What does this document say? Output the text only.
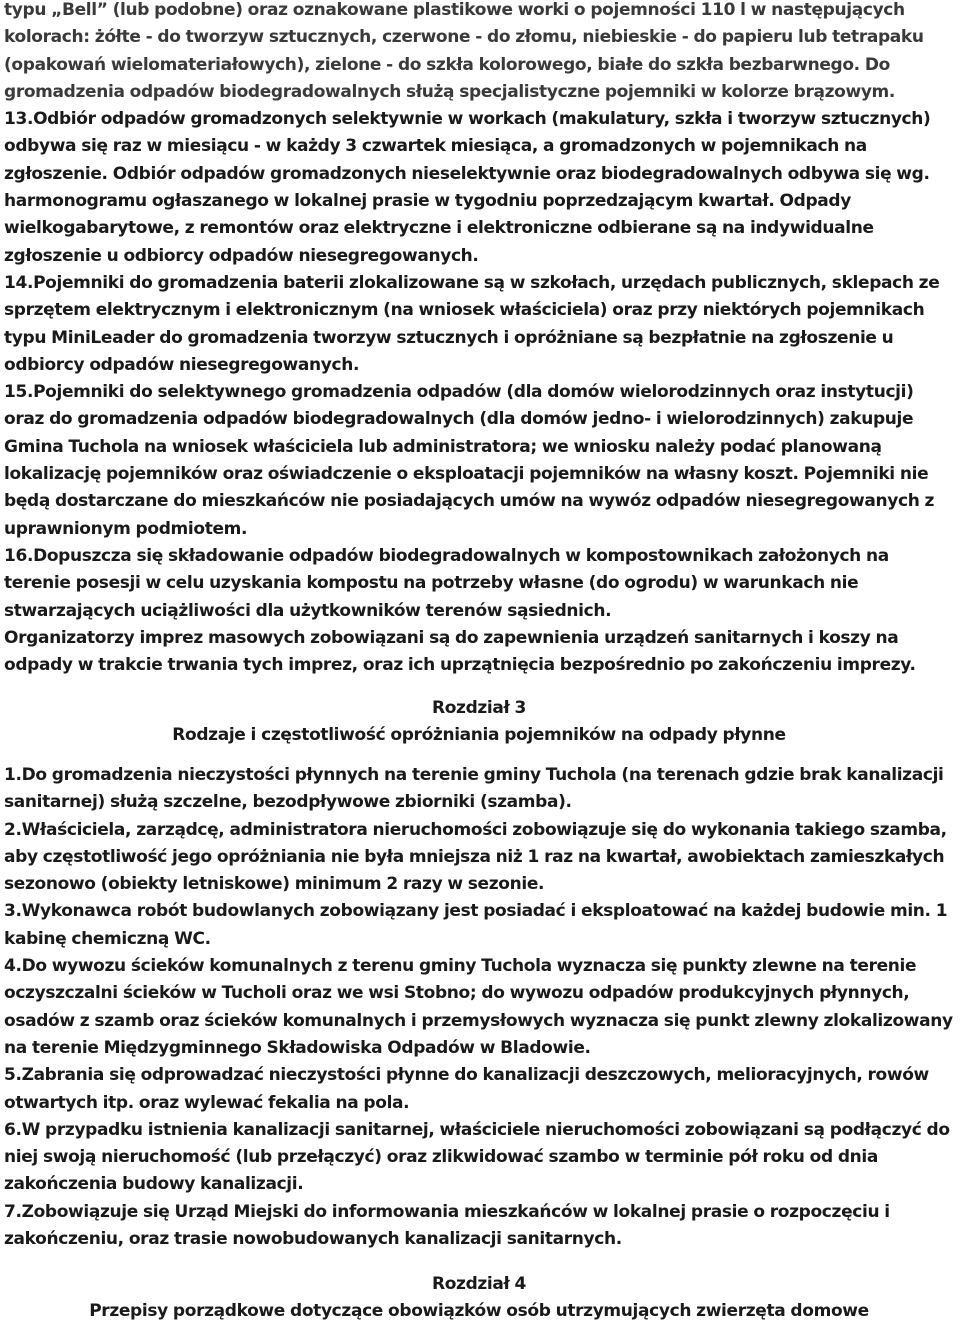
typu „Bell” (lub podobne) oraz oznakowane plastikowe worki o pojemności 110 l w następujących kolorach: żółte - do tworzyw sztucznych, czerwone - do złomu, niebieskie - do papieru lub tetrapaku (opakowań wielomateriałowych), zielone - do szkła kolorowego, białe do szkła bezbarwnego. Do gromadzenia odpadów biodegradowalnych służą specjalistyczne pojemniki w kolorze brązowym.

13.Odbiór odpadów gromadzonych selektywnie w workach (makulatury, szkła i tworzyw sztucznych) odbywa się raz w miesiącu - w każdy 3 czwartek miesiąca, a gromadzonych w pojemnikach na zgłoszenie. Odbiór odpadów gromadzonych nieselektywnie oraz biodegradowalnych odbywa się wg. harmonogramu ogłaszanego w lokalnej prasie w tygodniu poprzedzającym kwartał. Odpady wielkogabarytowe, z remontów oraz elektryczne i elektroniczne odbierane są na indywidualne zgłoszenie u odbiorcy odpadów niesegregowanych.

14.Pojemniki do gromadzenia baterii zlokalizowane są w szkołach, urzędach publicznych, sklepach ze sprzętem elektrycznym i elektronicznym (na wniosek właściciela) oraz przy niektórych pojemnikach typu MiniLeader do gromadzenia tworzyw sztucznych i opróżniane są bezpłatnie na zgłoszenie u odbiorcy odpadów niesegregowanych.

15.Pojemniki do selektywnego gromadzenia odpadów (dla domów wielorodzinnych oraz instytucji) oraz do gromadzenia odpadów biodegradowalnych (dla domów jedno- i wielorodzinnych) zakupuje Gmina Tuchola na wniosek właściciela lub administratora; we wniosku należy podać planowaną lokalizację pojemników oraz oświadczenie o eksploatacji pojemników na własny koszt. Pojemniki nie będą dostarczane do mieszkańców nie posiadających umów na wywóz odpadów niesegregowanych z uprawnionym podmiotem.

16.Dopuszcza się składowanie odpadów biodegradowalnych w kompostownikach założonych na terenie posesji w celu uzyskania kompostu na potrzeby własne (do ogrodu) w warunkach nie stwarzających uciążliwości dla użytkowników terenów sąsiednich.

Organizatorzy imprez masowych zobowiązani są do zapewnienia urządzeń sanitarnych i koszy na odpady w trakcie trwania tych imprez, oraz ich uprzątnięcia bezpośrednio po zakończeniu imprezy.

Rozdział 3

Rodzaje i częstotliwość opróżniania pojemników na odpady płynne

1.Do gromadzenia nieczystości płynnych na terenie gminy Tuchola (na terenach gdzie brak kanalizacji sanitarnej) służą szczelne, bezodpływowe zbiorniki (szamba).

2.Właściciela, zarządcę, administratora nieruchomości zobowiązuje się do wykonania takiego szamba, aby częstotliwość jego opróżniania nie była mniejsza niż 1 raz na kwartał, awobiektach zamieszkałych sezonowo (obiekty letniskowe) minimum 2 razy w sezonie.

3.Wykonawca robót budowlanych zobowiązany jest posiadać i eksploatować na każdej budowie min. 1 kabinę chemiczną WC.

4.Do wywozu ścieków komunalnych z terenu gminy Tuchola wyznacza się punkty zlewne na terenie oczyszczalni ścieków w Tucholi oraz we wsi Stobno; do wywozu odpadów produkcyjnych płynnych, osadów z szamb oraz ścieków komunalnych i przemysłowych wyznacza się punkt zlewny zlokalizowany na terenie Międzygminnego Składowiska Odpadów w Bladowie.

5.Zabrania się odprowadzać nieczystości płynne do kanalizacji deszczowych, melioracyjnych, rowów otwartych itp. oraz wylewać fekalia na pola.

6.W przypadku istnienia kanalizacji sanitarnej, właściciele nieruchomości zobowiązani są podłączyć do niej swoją nieruchomość (lub przełączyć) oraz zlikwidować szambo w terminie pół roku od dnia zakończenia budowy kanalizacji.

7.Zobowiązuje się Urząd Miejski do informowania mieszkańców w lokalnej prasie o rozpoczęciu i zakończeniu, oraz trasie nowobudowanych kanalizacji sanitarnych.

Rozdział 4

Przepisy porządkowe dotyczące obowiązków osób utrzymujących zwierzęta domowe
